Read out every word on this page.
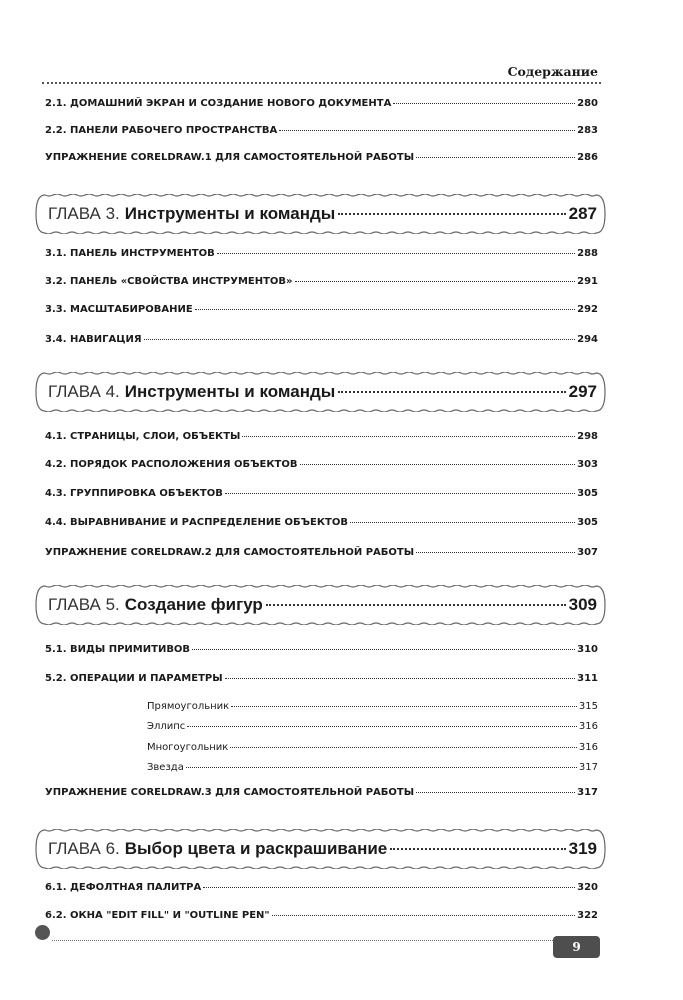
Содержание
2.1. ДОМАШНИЙ ЭКРАН И СОЗДАНИЕ НОВОГО ДОКУМЕНТА	280
2.2. ПАНЕЛИ РАБОЧЕГО ПРОСТРАНСТВА	283
УПРАЖНЕНИЕ CORELDRAW.1 ДЛЯ САМОСТОЯТЕЛЬНОЙ РАБОТЫ	286
ГЛАВА 3. Инструменты и команды	287
3.1. ПАНЕЛЬ ИНСТРУМЕНТОВ	288
3.2. ПАНЕЛЬ «СВОЙСТВА ИНСТРУМЕНТОВ»	291
3.3. МАСШТАБИРОВАНИЕ	292
3.4. НАВИГАЦИЯ	294
ГЛАВА 4. Инструменты и команды	297
4.1. СТРАНИЦЫ, СЛОИ, ОБЪЕКТЫ	298
4.2. ПОРЯДОК РАСПОЛОЖЕНИЯ ОБЪЕКТОВ	303
4.3. ГРУППИРОВКА ОБЪЕКТОВ	305
4.4. ВЫРАВНИВАНИЕ И РАСПРЕДЕЛЕНИЕ ОБЪЕКТОВ	305
УПРАЖНЕНИЕ CORELDRAW.2 ДЛЯ САМОСТОЯТЕЛЬНОЙ РАБОТЫ	307
ГЛАВА 5. Создание фигур	309
5.1. ВИДЫ ПРИМИТИВОВ	310
5.2. ОПЕРАЦИИ И ПАРАМЕТРЫ	311
Прямоугольник	315
Эллипс	316
Многоугольник	316
Звезда	317
УПРАЖНЕНИЕ CORELDRAW.3 ДЛЯ САМОСТОЯТЕЛЬНОЙ РАБОТЫ	317
ГЛАВА 6. Выбор цвета и раскрашивание	319
6.1. ДЕФОЛТНАЯ ПАЛИТРА	320
6.2. ОКНА "EDIT FILL" И "OUTLINE PEN"	322
9
